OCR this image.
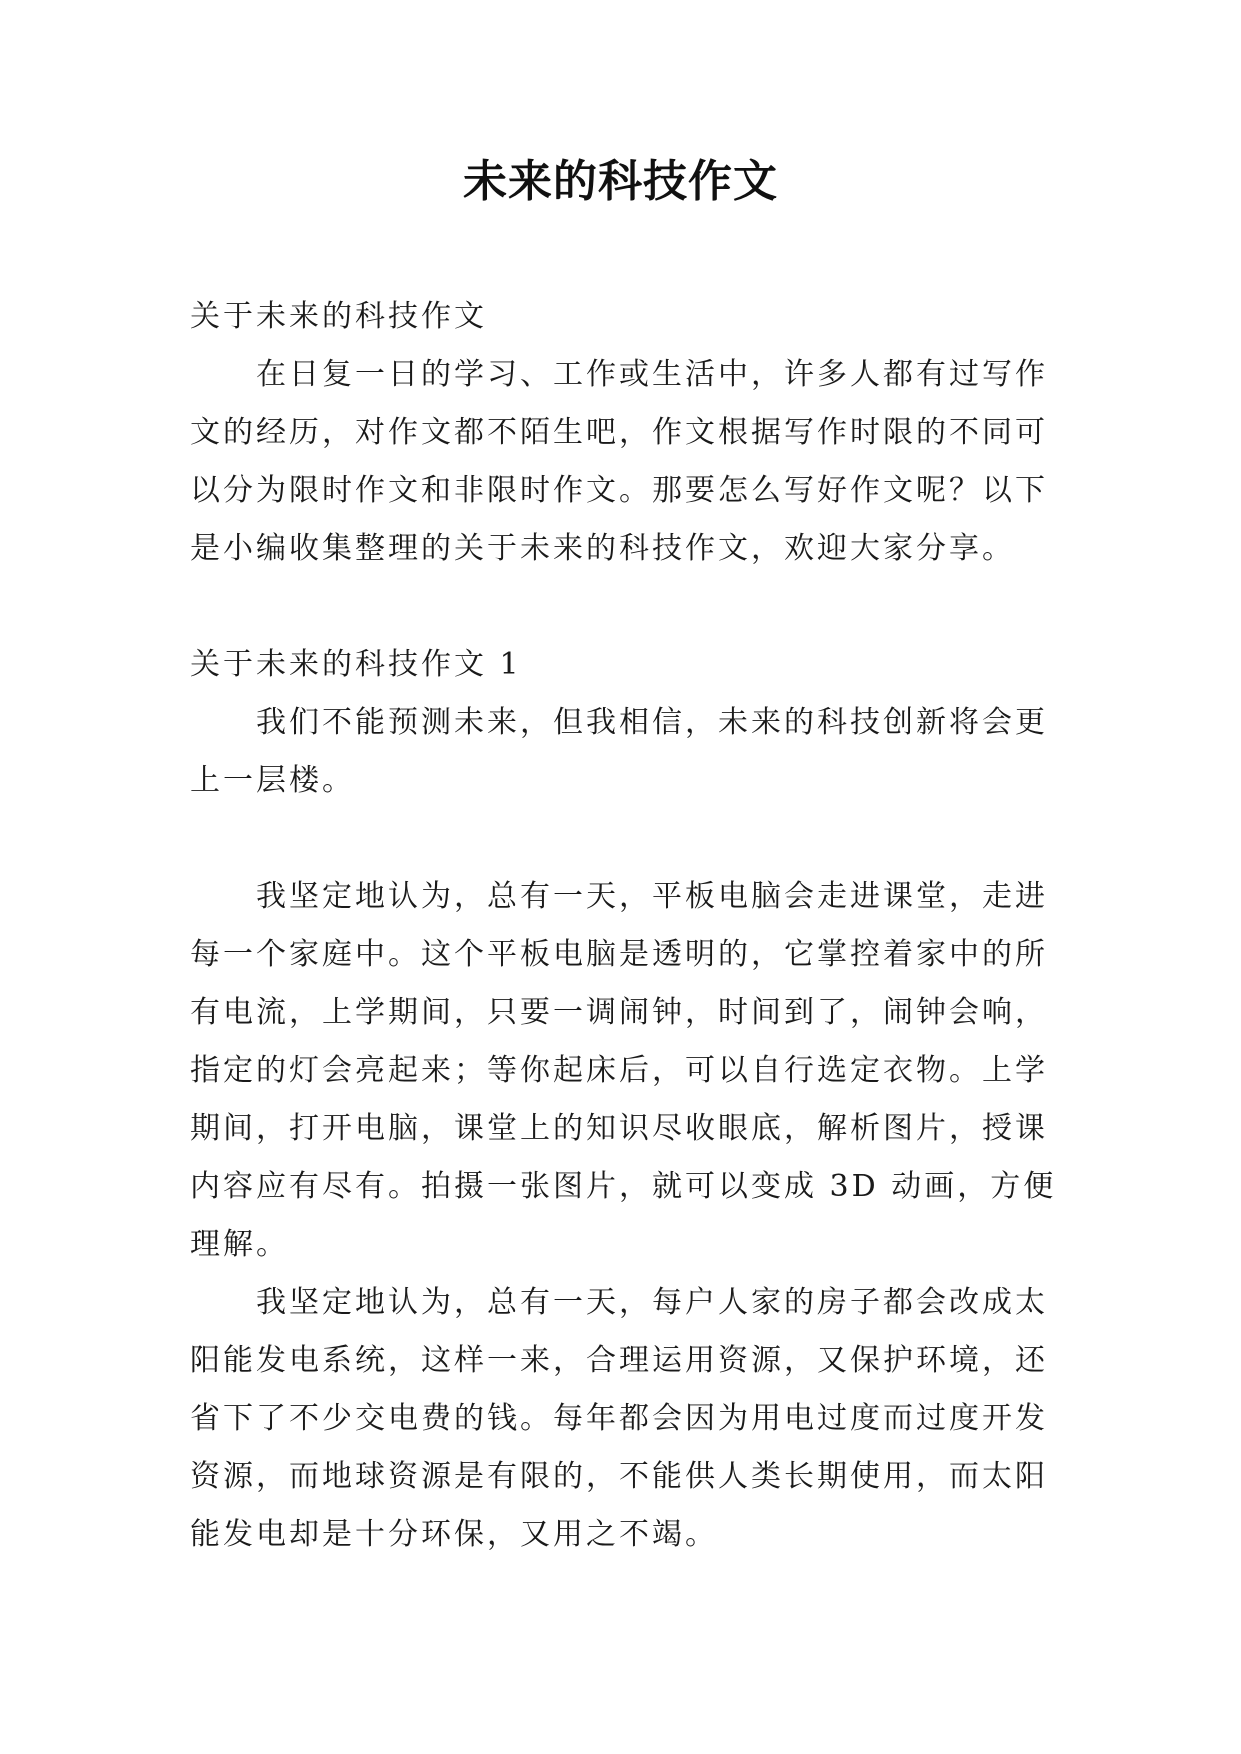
未来的科技作文
关于未来的科技作文
在日复一日的学习、工作或生活中，许多人都有过写作
文的经历，对作文都不陌生吧，作文根据写作时限的不同可
以分为限时作文和非限时作文。那要怎么写好作文呢？以下
是小编收集整理的关于未来的科技作文，欢迎大家分享。
关于未来的科技作文 1
我们不能预测未来，但我相信，未来的科技创新将会更
上一层楼。
我坚定地认为，总有一天，平板电脑会走进课堂，走进
每一个家庭中。这个平板电脑是透明的，它掌控着家中的所
有电流，上学期间，只要一调闹钟，时间到了，闹钟会响，
指定的灯会亮起来；等你起床后，可以自行选定衣物。上学
期间，打开电脑，课堂上的知识尽收眼底，解析图片，授课
内容应有尽有。拍摄一张图片，就可以变成 3D 动画，方便
理解。
我坚定地认为，总有一天，每户人家的房子都会改成太
阳能发电系统，这样一来，合理运用资源，又保护环境，还
省下了不少交电费的钱。每年都会因为用电过度而过度开发
资源，而地球资源是有限的，不能供人类长期使用，而太阳
能发电却是十分环保，又用之不竭。
